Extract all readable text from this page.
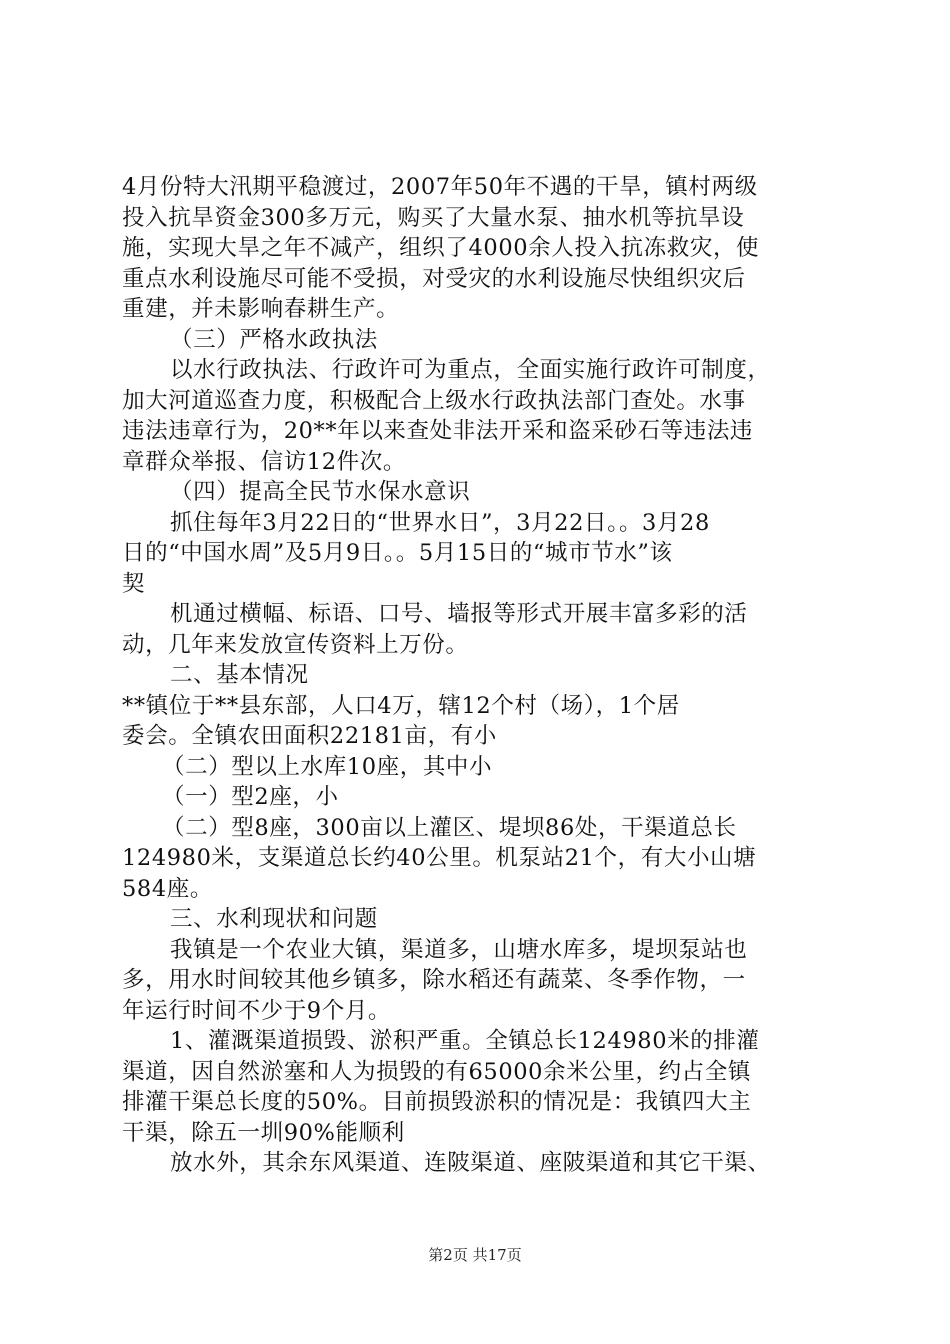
4月份特大汛期平稳渡过，2007年50年不遇的干旱，镇村两级
投入抗旱资金300多万元，购买了大量水泵、抽水机等抗旱设
施，实现大旱之年不减产，组织了4000余人投入抗冻救灾，使
重点水利设施尽可能不受损，对受灾的水利设施尽快组织灾后
重建，并未影响春耕生产。
（三）严格水政执法
以水行政执法、行政许可为重点，全面实施行政许可制度，
加大河道巡查力度，积极配合上级水行政执法部门查处。水事
违法违章行为，20**年以来查处非法开采和盗采砂石等违法违
章群众举报、信访12件次。
（四）提高全民节水保水意识
抓住每年3月22日的“世界水日”，3月22日。。3月28
日的“中国水周”及5月9日。。5月15日的“城市节水”该
契
机通过横幅、标语、口号、墙报等形式开展丰富多彩的活
动，几年来发放宣传资料上万份。
二、基本情况
**镇位于**县东部，人口4万，辖12个村（场），1个居
委会。全镇农田面积22181亩，有小
（二）型以上水库10座，其中小
（一）型2座，小
（二）型8座，300亩以上灌区、堤坝86处，干渠道总长
124980米，支渠道总长约40公里。机泵站21个，有大小山塘
584座。
三、水利现状和问题
我镇是一个农业大镇，渠道多，山塘水库多，堤坝泵站也
多，用水时间较其他乡镇多，除水稻还有蔬菜、冬季作物，一
年运行时间不少于9个月。
1、灌溉渠道损毁、淤积严重。全镇总长124980米的排灌
渠道，因自然淤塞和人为损毁的有65000余米公里，约占全镇
排灌干渠总长度的50%。目前损毁淤积的情况是：我镇四大主
干渠，除五一圳90%能顺利
放水外，其余东风渠道、连陂渠道、座陂渠道和其它干渠、
第2页 共17页
